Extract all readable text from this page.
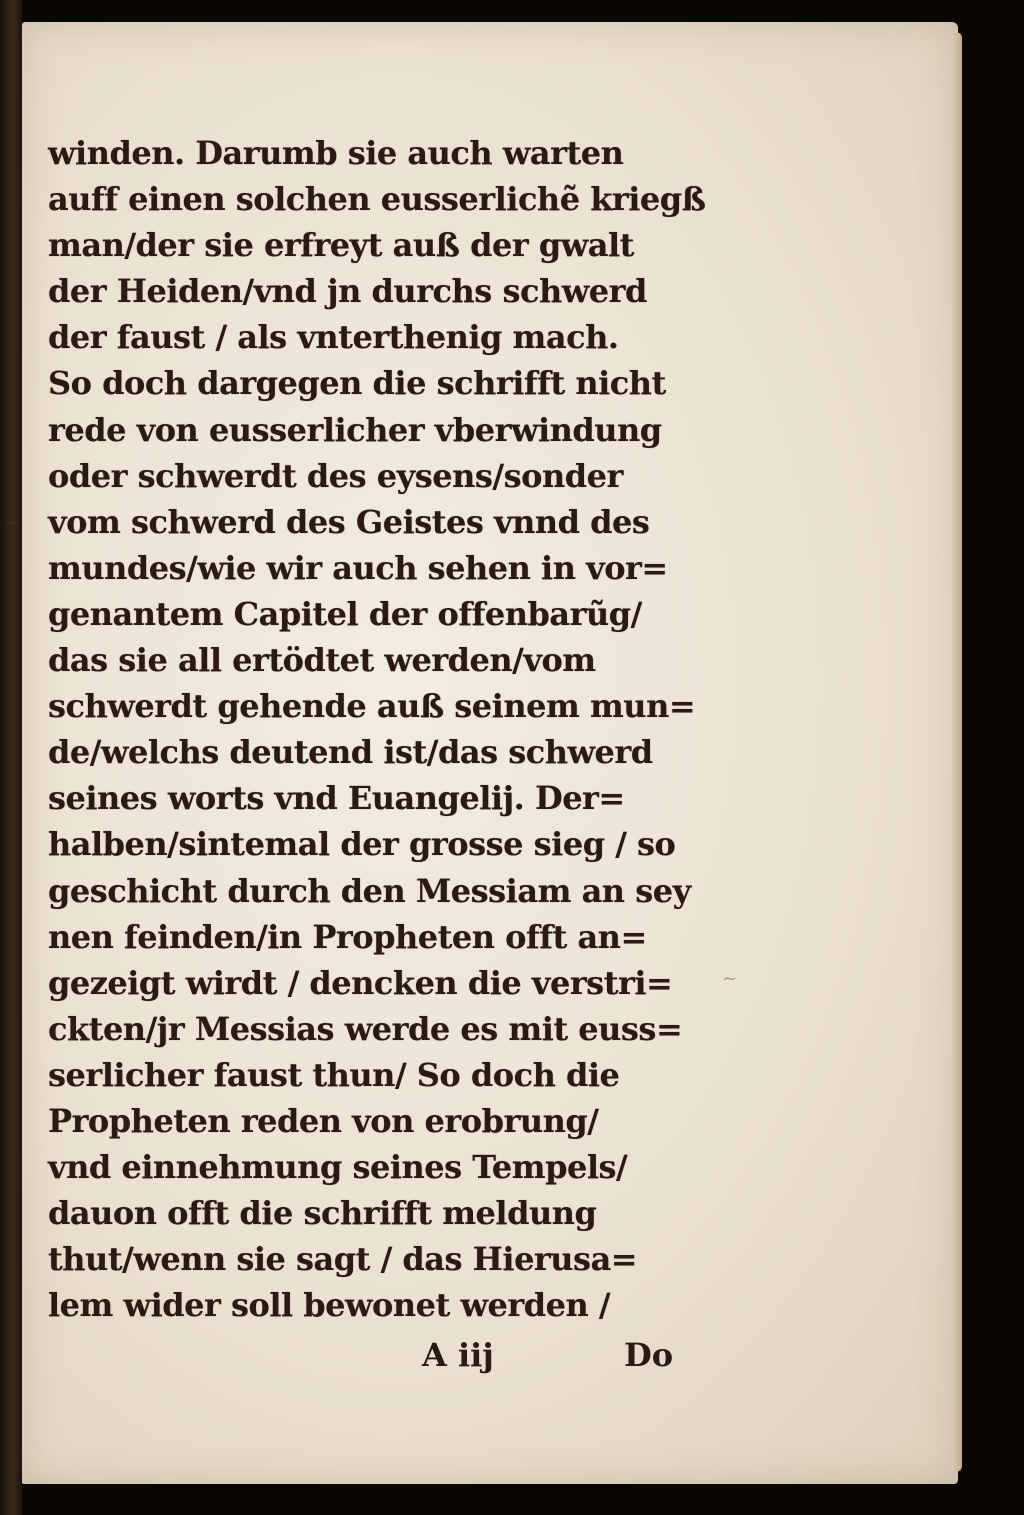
~
~
winden. Darumb sie auch warten
auff einen solchen eusserlichẽ kriegß
man/der sie erfreyt auß der gwalt
der Heiden/vnd jn durchs schwerd
der faust / als vnterthenig mach.
So doch dargegen die schrifft nicht
rede von eusserlicher vberwindung
oder schwerdt des eysens/sonder
vom schwerd des Geistes vnnd des
mundes/wie wir auch sehen in vor=
genantem Capitel der offenbarũg/
das sie all ertödtet werden/vom
schwerdt gehende auß seinem mun=
de/welchs deutend ist/das schwerd
seines worts vnd Euangelij. Der=
halben/sintemal der grosse sieg / so
geschicht durch den Messiam an sey
nen feinden/in Propheten offt an=
gezeigt wirdt / dencken die verstri=
ckten/jr Messias werde es mit euss=
serlicher faust thun/ So doch die
Propheten reden von erobrung/
vnd einnehmung seines Tempels/
dauon offt die schrifft meldung
thut/wenn sie sagt / das Hierusa=
lem wider soll bewonet werden /
A iij	Do
